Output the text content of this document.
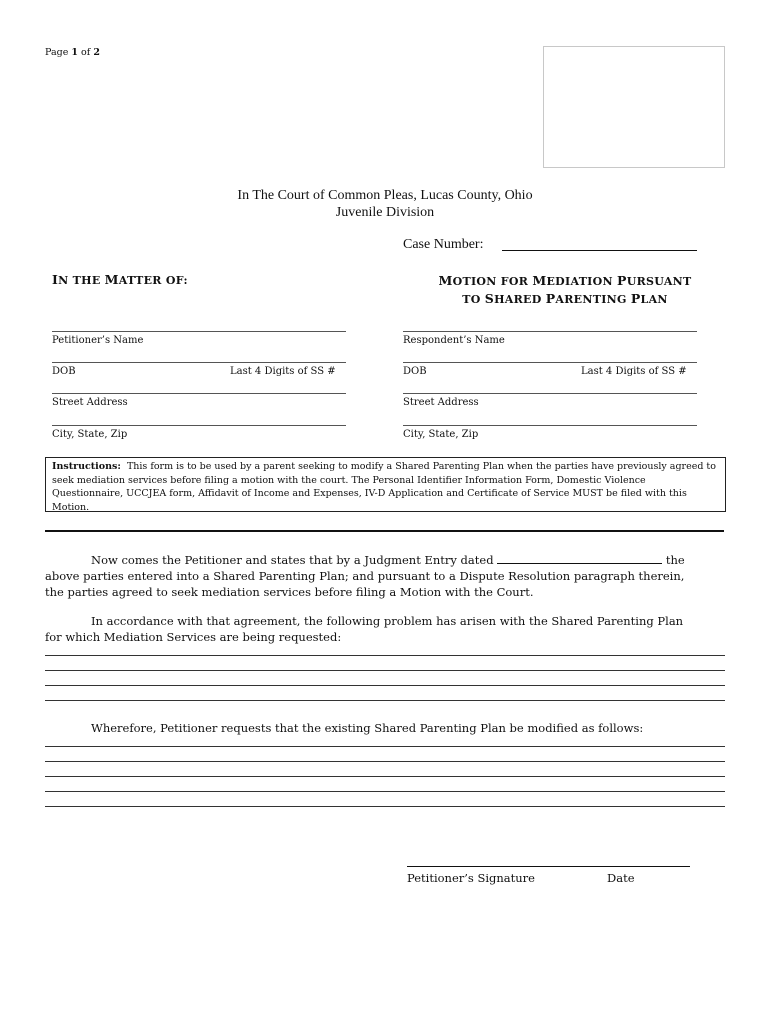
Page 1 of 2
In The Court of Common Pleas, Lucas County, Ohio
Juvenile Division
Case Number:
IN THE MATTER OF:	MOTION FOR MEDIATION PURSUANT
TO SHARED PARENTING PLAN
Petitioner’s Name
DOB	Last 4 Digits of SS #
Street Address
City, State, Zip
Respondent’s Name
DOB	Last 4 Digits of SS #
Street Address
City, State, Zip
Instructions: This form is to be used by a parent seeking to modify a Shared Parenting Plan when the parties have previously agreed to seek mediation services before filing a motion with the court. The Personal Identifier Information Form, Domestic Violence Questionnaire, UCCJEA form, Affidavit of Income and Expenses, IV-D Application and Certificate of Service MUST be filed with this Motion.
Now comes the Petitioner and states that by a Judgment Entry dated	the
above parties entered into a Shared Parenting Plan; and pursuant to a Dispute Resolution paragraph therein,
the parties agreed to seek mediation services before filing a Motion with the Court.
In accordance with that agreement, the following problem has arisen with the Shared Parenting Plan
for which Mediation Services are being requested:
Wherefore, Petitioner requests that the existing Shared Parenting Plan be modified as follows:
Petitioner’s Signature	Date
